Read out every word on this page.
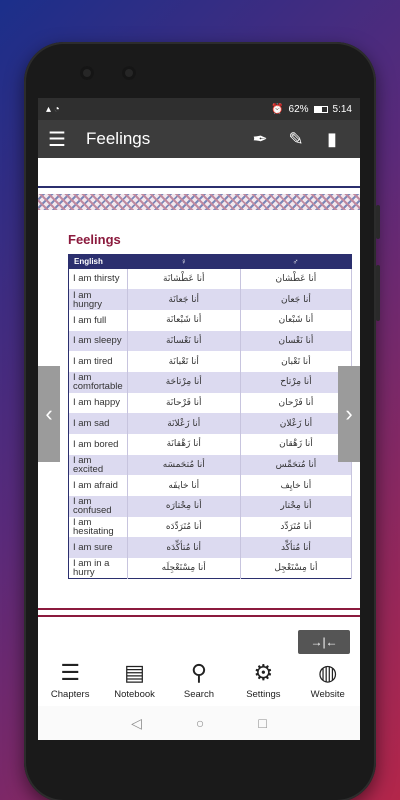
▴ ◔	⏰ 62% 5:14
☰	Feelings	✒	✎	▮
Feelings
English	♀	♂
I am thirsty	أنا عَطْشانَة	أنا عَطْشان
I am hungry	أنا جَعانَة	أنا جَعان
I am full	أنا شَبْعانَة	أنا شَبْعان
I am sleepy	أنا نَعْسانَة	أنا نَعْسان
I am tired	أنا تَعْبانَة	أنا تَعْبان
I am comfortable	أنا مِرْتاحَة	أنا مِرْتاح
I am happy	أنا فَرْحانَة	أنا فَرْحان
I am sad	أنا زَعْلانَة	أنا زَعْلان
I am bored	أنا زَهْقانَة	أنا زَهْقان
I am excited	أنا مُتحَمسَه	أنا مُتحَمِّس
I am afraid	أنا خايفَه	أنا خايِف
I am confused	أنا مِحْتارَه	أنا مِحْتار
I am hesitating	أنا مُتَرَدِّدَه	أنا مُتَرَدِّد
I am sure	أنا مُتأكِّدَه	أنا مُتأكِّد
I am in a hurry	أنا مِسْتَعْجِلَه	أنا مِسْتَعْجِل
→|←
☰
Chapters
▤
Notebook
⚲
Search
⚙
Settings
◍
Website
◁	○	□
‹	›
